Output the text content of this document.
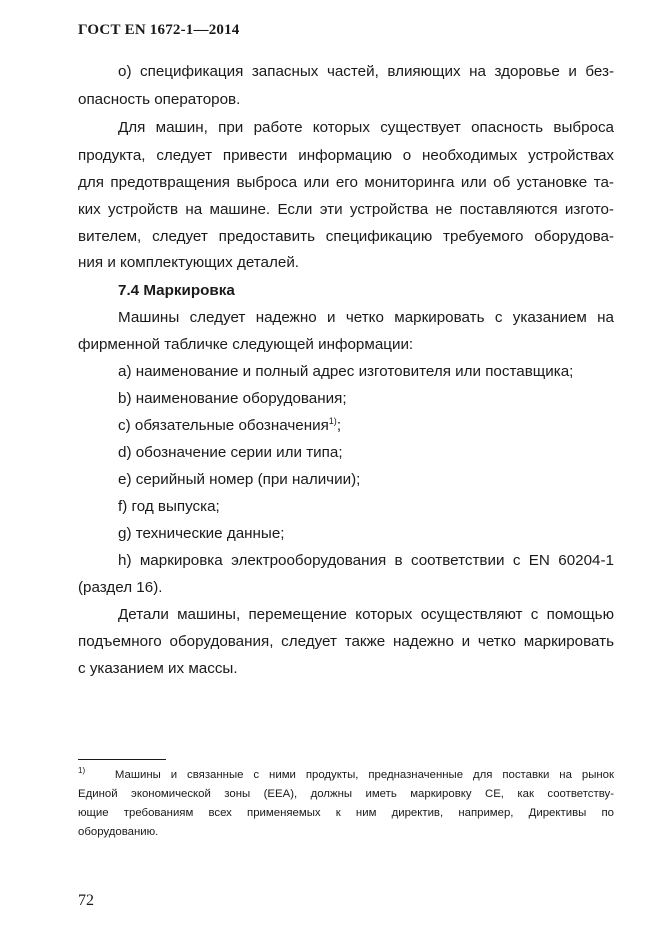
ГОСТ EN 1672-1—2014
o) спецификация запасных частей, влияющих на здоровье и без-
опасность операторов.
Для машин, при работе которых существует опасность выброса
продукта, следует привести информацию о необходимых устройствах
для предотвращения выброса или его мониторинга или об установке та-
ких устройств на машине. Если эти устройства не поставляются изгото-
вителем, следует предоставить спецификацию требуемого оборудова-
ния и комплектующих деталей.
7.4 Маркировка
Машины следует надежно и четко маркировать с указанием на
фирменной табличке следующей информации:
a) наименование и полный адрес изготовителя или поставщика;
b) наименование оборудования;
c) обязательные обозначения$^{1)}$;
d) обозначение серии или типа;
e) серийный номер (при наличии);
f) год выпуска;
g) технические данные;
h) маркировка электрооборудования в соответствии с EN 60204-1
(раздел 16).
Детали машины, перемещение которых осуществляют с помощью
подъемного оборудования, следует также надежно и четко маркировать
с указанием их массы.
$^{1)}$	Машины и связанные с ними продукты, предназначенные для поставки на рынок
Единой экономической зоны (ЕЕА), должны иметь маркировку СЕ, как соответству-
ющие требованиям всех применяемых к ним директив, например, Директивы по
оборудованию.
72
